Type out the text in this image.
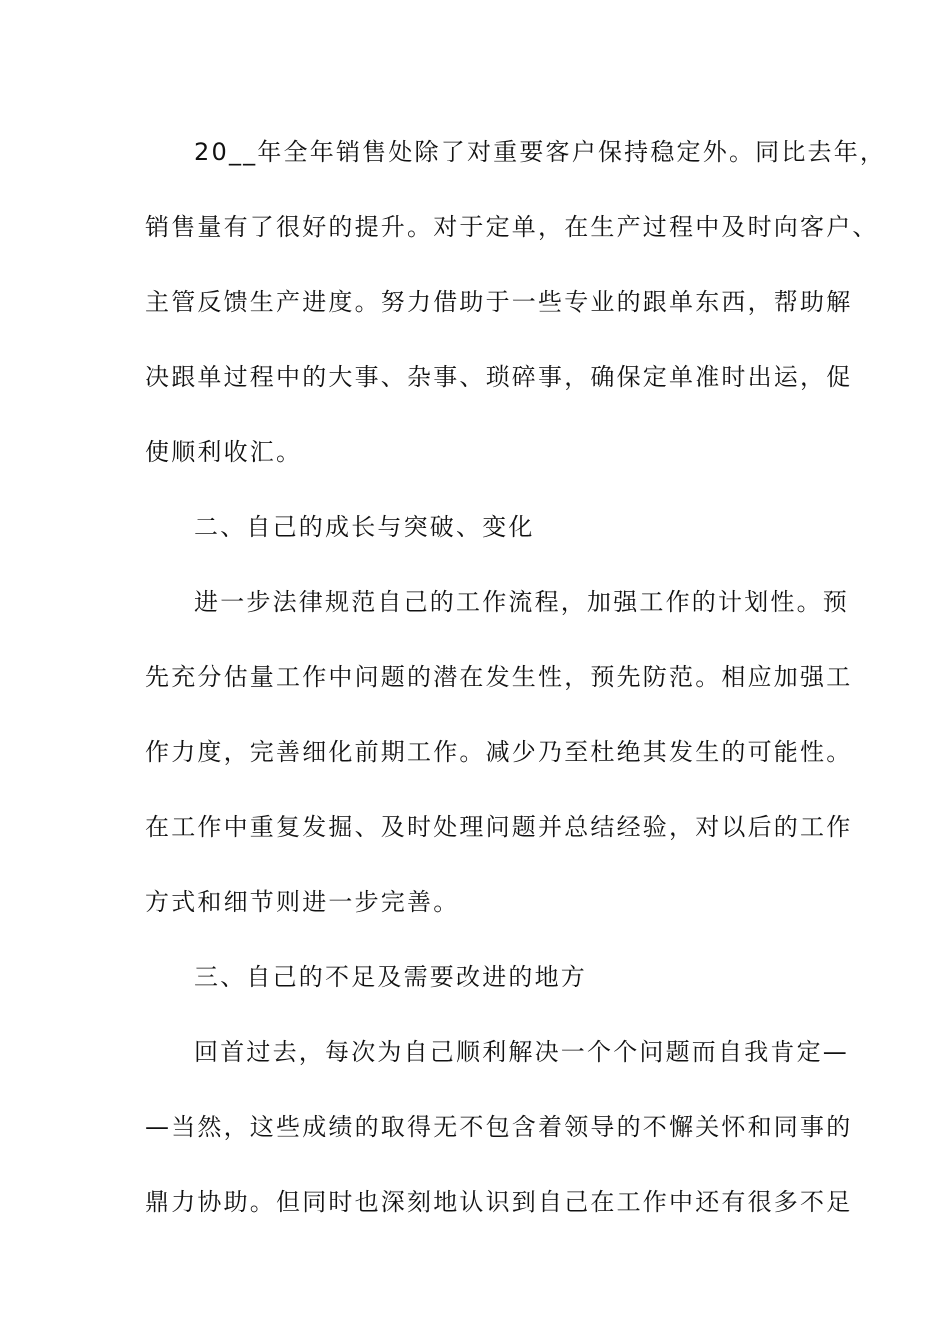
20__年全年销售处除了对重要客户保持稳定外。同比去年，
销售量有了很好的提升。对于定单，在生产过程中及时向客户、
主管反馈生产进度。努力借助于一些专业的跟单东西，帮助解
决跟单过程中的大事、杂事、琐碎事，确保定单准时出运，促
使顺利收汇。
二、自己的成长与突破、变化
进一步法律规范自己的工作流程，加强工作的计划性。预
先充分估量工作中问题的潜在发生性，预先防范。相应加强工
作力度，完善细化前期工作。减少乃至杜绝其发生的可能性。
在工作中重复发掘、及时处理问题并总结经验，对以后的工作
方式和细节则进一步完善。
三、自己的不足及需要改进的地方
回首过去，每次为自己顺利解决一个个问题而自我肯定—
—当然，这些成绩的取得无不包含着领导的不懈关怀和同事的
鼎力协助。但同时也深刻地认识到自己在工作中还有很多不足
